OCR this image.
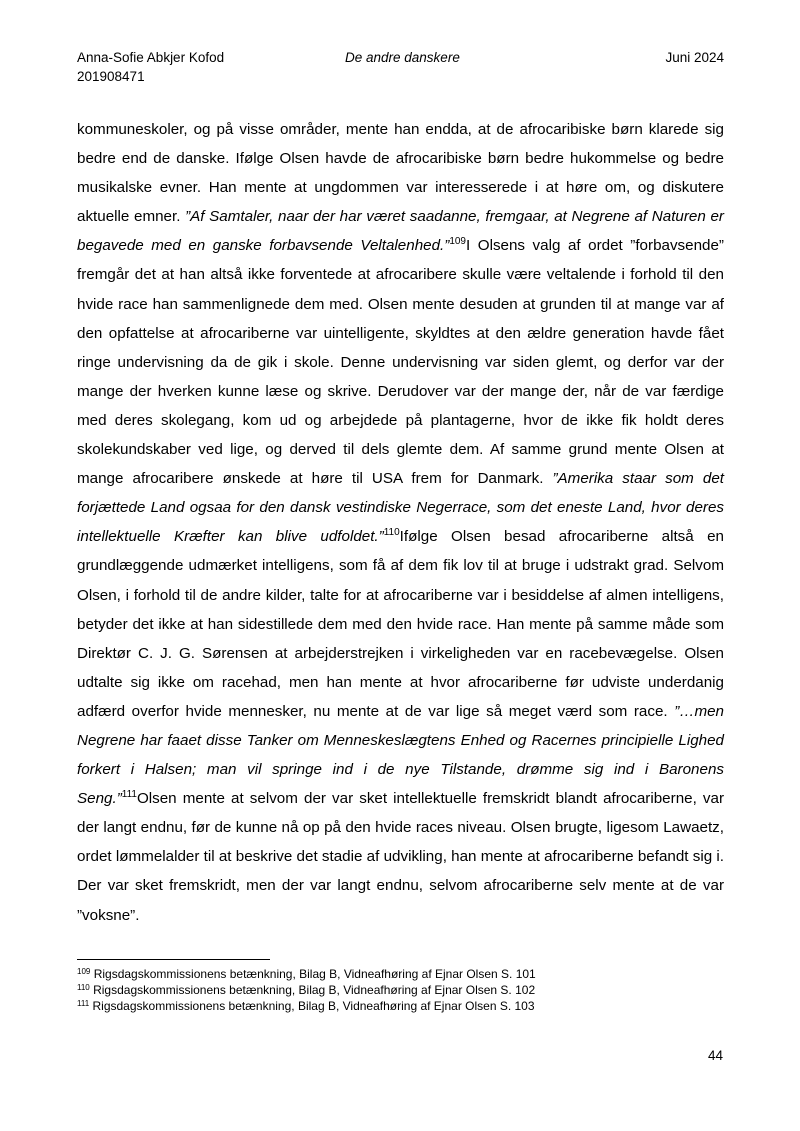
Anna-Sofie Abkjer Kofod
201908471
De andre danskere	Juni 2024

kommuneskoler, og på visse områder, mente han endda, at de afrocaribiske børn klarede sig bedre end de danske. Ifølge Olsen havde de afrocaribiske børn bedre hukommelse og bedre musikalske evner. Han mente at ungdommen var interesserede i at høre om, og diskutere aktuelle emner. ”Af Samtaler, naar der har været saadanne, fremgaar, at Negrene af Naturen er begavede med en ganske forbavsende Veltalenhed.”$^{109}$I Olsens valg af ordet ”forbavsende” fremgår det at han altså ikke forventede at afrocaribere skulle være veltalende i forhold til den hvide race han sammenlignede dem med. Olsen mente desuden at grunden til at mange var af den opfattelse at afrocariberne var uintelligente, skyldtes at den ældre generation havde fået ringe undervisning da de gik i skole. Denne undervisning var siden glemt, og derfor var der mange der hverken kunne læse og skrive. Derudover var der mange der, når de var færdige med deres skolegang, kom ud og arbejdede på plantagerne, hvor de ikke fik holdt deres skolekundskaber ved lige, og derved til dels glemte dem. Af samme grund mente Olsen at mange afrocaribere ønskede at høre til USA frem for Danmark. ”Amerika staar som det forjættede Land ogsaa for den dansk vestindiske Negerrace, som det eneste Land, hvor deres intellektuelle Kræfter kan blive udfoldet.”$^{110}$Ifølge Olsen besad afrocariberne altså en grundlæggende udmærket intelligens, som få af dem fik lov til at bruge i udstrakt grad. Selvom Olsen, i forhold til de andre kilder, talte for at afrocariberne var i besiddelse af almen intelligens, betyder det ikke at han sidestillede dem med den hvide race. Han mente på samme måde som Direktør C. J. G. Sørensen at arbejderstrejken i virkeligheden var en racebevægelse. Olsen udtalte sig ikke om racehad, men han mente at hvor afrocariberne før udviste underdanig adfærd overfor hvide mennesker, nu mente at de var lige så meget værd som race. ”…men Negrene har faaet disse Tanker om Menneskeslægtens Enhed og Racernes principielle Lighed forkert i Halsen; man vil springe ind i de nye Tilstande, drømme sig ind i Baronens Seng.”$^{111}$Olsen mente at selvom der var sket intellektuelle fremskridt blandt afrocariberne, var der langt endnu, før de kunne nå op på den hvide races niveau. Olsen brugte, ligesom Lawaetz, ordet lømmelalder til at beskrive det stadie af udvikling, han mente at afrocariberne befandt sig i. Der var sket fremskridt, men der var langt endnu, selvom afrocariberne selv mente at de var ”voksne”.

$^{109}$ Rigsdagskommissionens betænkning, Bilag B, Vidneafhøring af Ejnar Olsen S. 101
$^{110}$ Rigsdagskommissionens betænkning, Bilag B, Vidneafhøring af Ejnar Olsen S. 102
$^{111}$ Rigsdagskommissionens betænkning, Bilag B, Vidneafhøring af Ejnar Olsen S. 103
44
